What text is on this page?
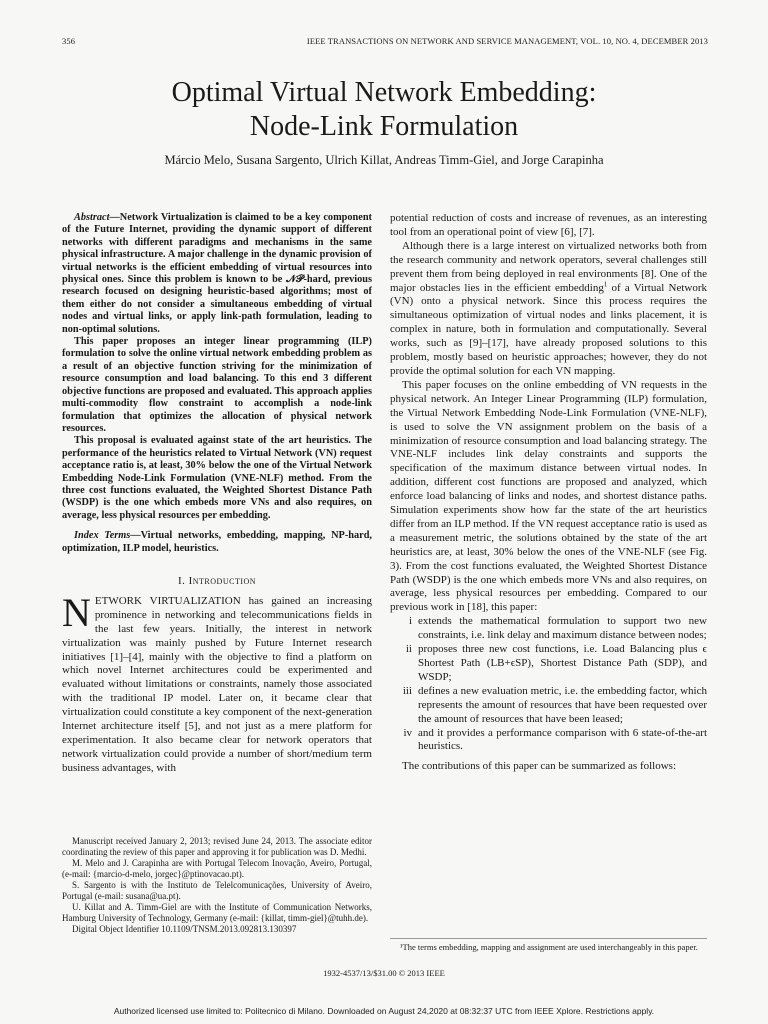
356	IEEE TRANSACTIONS ON NETWORK AND SERVICE MANAGEMENT, VOL. 10, NO. 4, DECEMBER 2013
Optimal Virtual Network Embedding:
Node-Link Formulation
Márcio Melo, Susana Sargento, Ulrich Killat, Andreas Timm-Giel, and Jorge Carapinha

Abstract—Network Virtualization is claimed to be a key component of the Future Internet, providing the dynamic support of different networks with different paradigms and mechanisms in the same physical infrastructure. A major challenge in the dynamic provision of virtual networks is the efficient embedding of virtual resources into physical ones. Since this problem is known to be 𝒩𝒫-hard, previous research focused on designing heuristic-based algorithms; most of them either do not consider a simultaneous embedding of virtual nodes and virtual links, or apply link-path formulation, leading to non-optimal solutions.

This paper proposes an integer linear programming (ILP) formulation to solve the online virtual network embedding problem as a result of an objective function striving for the minimization of resource consumption and load balancing. To this end 3 different objective functions are proposed and evaluated. This approach applies multi-commodity flow constraint to accomplish a node-link formulation that optimizes the allocation of physical network resources.

This proposal is evaluated against state of the art heuristics. The performance of the heuristics related to Virtual Network (VN) request acceptance ratio is, at least, 30% below the one of the Virtual Network Embedding Node-Link Formulation (VNE-NLF) method. From the three cost functions evaluated, the Weighted Shortest Distance Path (WSDP) is the one which embeds more VNs and also requires, on average, less physical resources per embedding.

Index Terms—Virtual networks, embedding, mapping, NP-hard, optimization, ILP model, heuristics.
I. Introduction

NETWORK VIRTUALIZATION has gained an increasing prominence in networking and telecommunications fields in the last few years. Initially, the interest in network virtualization was mainly pushed by Future Internet research initiatives [1]–[4], mainly with the objective to find a platform on which novel Internet architectures could be experimented and evaluated without limitations or constraints, namely those associated with the traditional IP model. Later on, it became clear that virtualization could constitute a key component of the next-generation Internet architecture itself [5], and not just as a mere platform for experimentation. It also became clear for network operators that network virtualization could provide a number of short/medium term business advantages, with

Manuscript received January 2, 2013; revised June 24, 2013. The associate editor coordinating the review of this paper and approving it for publication was D. Medhi.

M. Melo and J. Carapinha are with Portugal Telecom Inovação, Aveiro, Portugal, (e-mail: {marcio-d-melo, jorgec}@ptinovacao.pt).

S. Sargento is with the Instituto de Telelcomunicações, University of Aveiro, Portugal (e-mail: susana@ua.pt).

U. Killat and A. Timm-Giel are with the Institute of Communication Networks, Hamburg University of Technology, Germany (e-mail: {killat, timm-giel}@tuhh.de).

Digital Object Identifier 10.1109/TNSM.2013.092813.130397

potential reduction of costs and increase of revenues, as an interesting tool from an operational point of view [6], [7].

Although there is a large interest on virtualized networks both from the research community and network operators, several challenges still prevent them from being deployed in real environments [8]. One of the major obstacles lies in the efficient embedding$^1$ of a Virtual Network (VN) onto a physical network. Since this process requires the simultaneous optimization of virtual nodes and links placement, it is complex in nature, both in formulation and computationally. Several works, such as [9]–[17], have already proposed solutions to this problem, mostly based on heuristic approaches; however, they do not provide the optimal solution for each VN mapping.

This paper focuses on the online embedding of VN requests in the physical network. An Integer Linear Programming (ILP) formulation, the Virtual Network Embedding Node-Link Formulation (VNE-NLF), is used to solve the VN assignment problem on the basis of a minimization of resource consumption and load balancing strategy. The VNE-NLF includes link delay constraints and supports the specification of the maximum distance between virtual nodes. In addition, different cost functions are proposed and analyzed, which enforce load balancing of links and nodes, and shortest distance paths. Simulation experiments show how far the state of the art heuristics differ from an ILP method. If the VN request acceptance ratio is used as a measurement metric, the solutions obtained by the state of the art heuristics are, at least, 30% below the ones of the VNE-NLF (see Fig. 3). From the cost functions evaluated, the Weighted Shortest Distance Path (WSDP) is the one which embeds more VNs and also requires, on average, less physical resources per embedding. Compared to our previous work in [18], this paper:

i extends the mathematical formulation to support two new constraints, i.e. link delay and maximum distance between nodes;
ii proposes three new cost functions, i.e. Load Balancing plus ϵ Shortest Path (LB+ϵSP), Shortest Distance Path (SDP), and WSDP;
iii defines a new evaluation metric, i.e. the embedding factor, which represents the amount of resources that have been requested over the amount of resources that have been leased;
iv and it provides a performance comparison with 6 state-of-the-art heuristics.

The contributions of this paper can be summarized as follows:

¹The terms embedding, mapping and assignment are used interchangeably in this paper.

1932-4537/13/$31.00 © 2013 IEEE
Authorized licensed use limited to: Politecnico di Milano. Downloaded on August 24,2020 at 08:32:37 UTC from IEEE Xplore. Restrictions apply.
